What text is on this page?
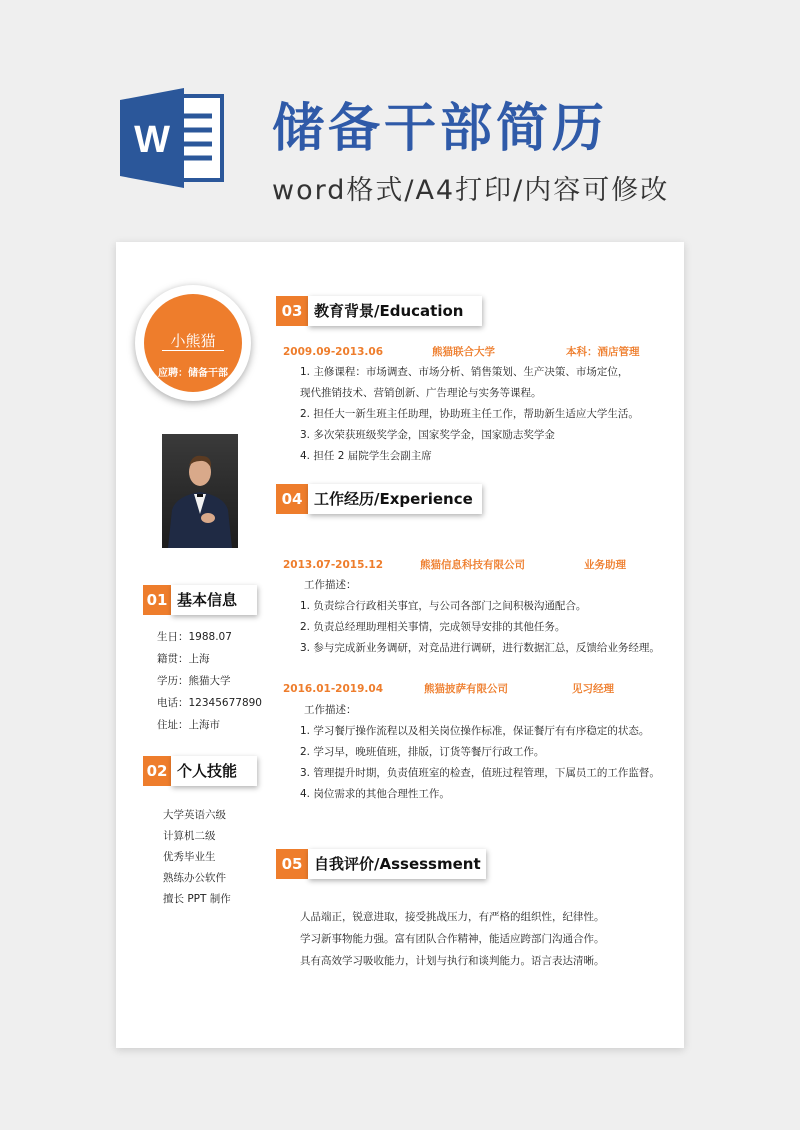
W 储备干部简历
word格式/A4打印/内容可修改
小熊猫
应聘：储备干部
01 基本信息
生日：1988.07
籍贯：上海
学历：熊猫大学
电话：12345677890
住址：上海市
02 个人技能
大学英语六级
计算机二级
优秀毕业生
熟练办公软件
擅长 PPT 制作
03 教育背景/Education
2009.09-2013.06	熊猫联合大学	本科：酒店管理
1. 主修课程：市场调查、市场分析、销售策划、生产决策、市场定位，
现代推销技术、营销创新、广告理论与实务等课程。
2. 担任大一新生班主任助理，协助班主任工作，帮助新生适应大学生活。
3. 多次荣获班级奖学金，国家奖学金，国家励志奖学金
4. 担任 2 届院学生会副主席
04 工作经历/Experience
2013.07-2015.12	熊猫信息科技有限公司	业务助理
工作描述：
1. 负责综合行政相关事宜，与公司各部门之间积极沟通配合。
2. 负责总经理助理相关事情，完成领导安排的其他任务。
3. 参与完成新业务调研，对竞品进行调研，进行数据汇总，反馈给业务经理。
2016.01-2019.04	熊猫披萨有限公司	见习经理
工作描述：
1. 学习餐厅操作流程以及相关岗位操作标准，保证餐厅有有序稳定的状态。
2. 学习早，晚班值班，排版，订货等餐厅行政工作。
3. 管理提升时期，负责值班室的检查，值班过程管理，下属员工的工作监督。
4. 岗位需求的其他合理性工作。
05 自我评价/Assessment
人品端正，锐意进取，接受挑战压力，有严格的组织性，纪律性。
学习新事物能力强。富有团队合作精神，能适应跨部门沟通合作。
具有高效学习吸收能力，计划与执行和谈判能力。语言表达清晰。
